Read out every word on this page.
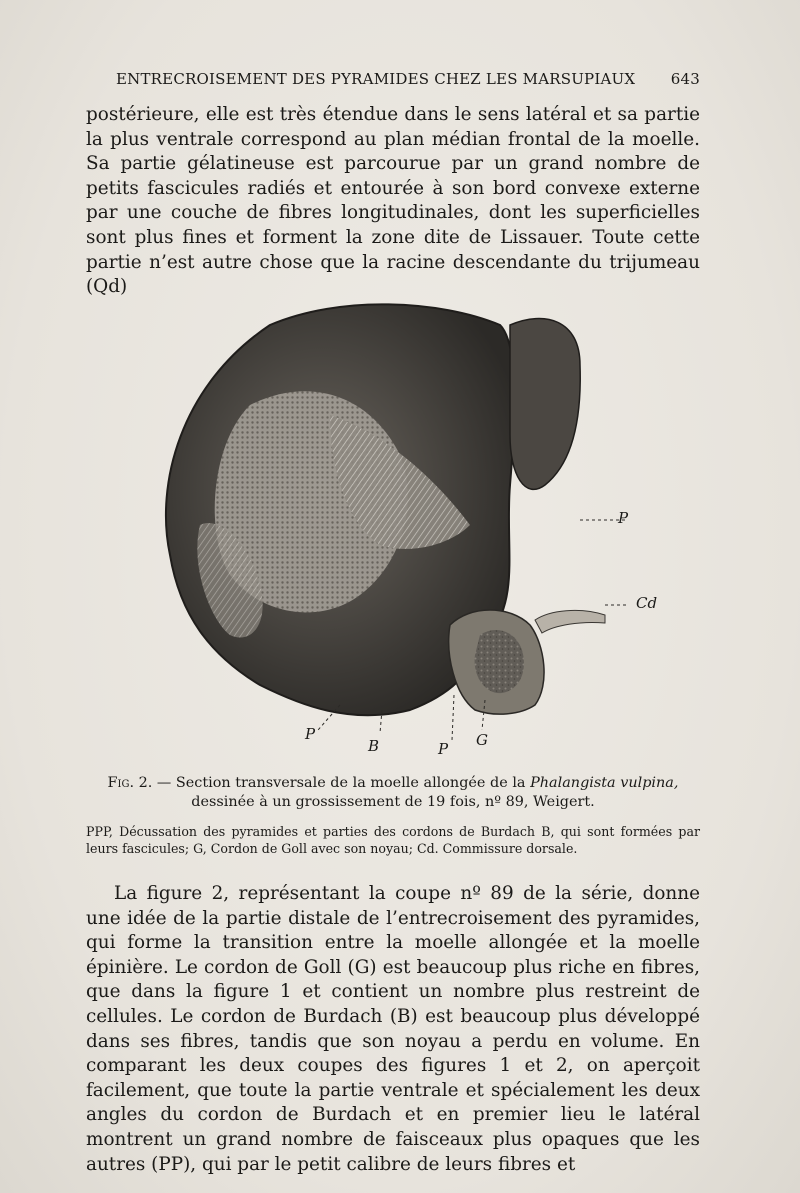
ENTRECROISEMENT DES PYRAMIDES CHEZ LES MARSUPIAUX 643

postérieure, elle est très étendue dans le sens latéral et sa partie la plus ventrale correspond au plan médian frontal de la moelle. Sa partie gélatineuse est parcourue par un grand nombre de petits fascicules radiés et entourée à son bord convexe externe par une couche de fibres longitudinales, dont les superficielles sont plus fines et forment la zone dite de Lissauer. Toute cette partie n’est autre chose que la racine descendante du trijumeau (Qd)

P
Cd
P
B	P G
Fig. 2. — Section transversale de la moelle allongée de la Phalangista vulpina,
dessinée à un grossissement de 19 fois, nº 89, Weigert.

PPP, Décussation des pyramides et parties des cordons de Burdach B, qui sont formées par leurs fascicules; G, Cordon de Goll avec son noyau; Cd. Commissure dorsale.

La figure 2, représentant la coupe nº 89 de la série, donne une idée de la partie distale de l’entrecroisement des pyramides, qui forme la transition entre la moelle allongée et la moelle épinière. Le cordon de Goll (G) est beaucoup plus riche en fibres, que dans la figure 1 et contient un nombre plus restreint de cellules. Le cordon de Burdach (B) est beaucoup plus développé dans ses fibres, tandis que son noyau a perdu en volume. En comparant les deux coupes des figures 1 et 2, on aperçoit facilement, que toute la partie ventrale et spécialement les deux angles du cordon de Burdach et en premier lieu le latéral montrent un grand nombre de faisceaux plus opaques que les autres (PP), qui par le petit calibre de leurs fibres et
